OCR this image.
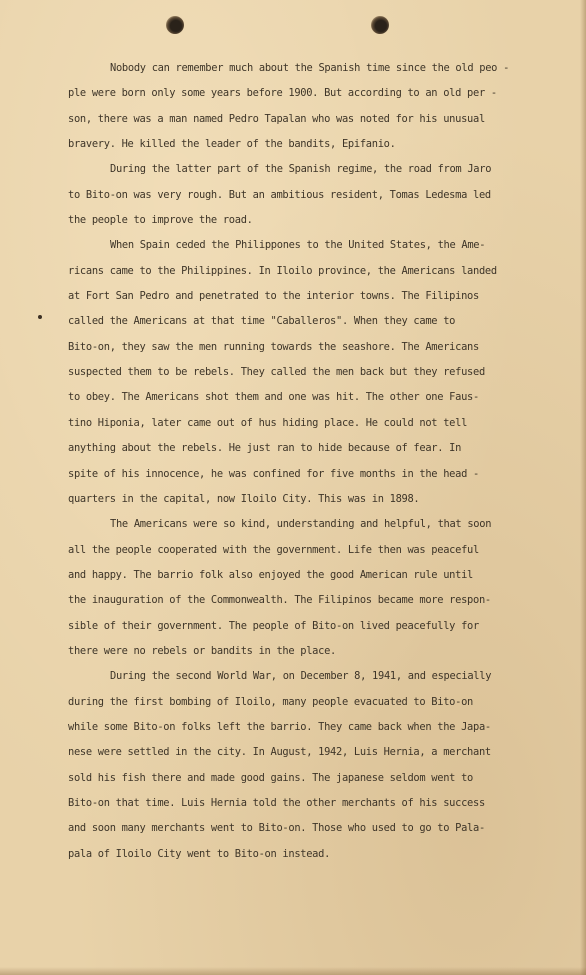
Nobody can remember much about the Spanish time since the old peo -
ple were born only some years before 1900. But according to an old per -
son, there was a man named Pedro Tapalan who was noted for his unusual
bravery. He killed the leader of the bandits, Epifanio.
During the latter part of the Spanish regime, the road from Jaro
to Bito-on was very rough. But an ambitious resident, Tomas Ledesma led
the people to improve the road.
When Spain ceded the Philippones to the United States, the Ame-
ricans came to the Philippines. In Iloilo province, the Americans landed
at Fort San Pedro and penetrated to the interior towns. The Filipinos
called the Americans at that time "Caballeros". When they came to
Bito-on, they saw the men running towards the seashore. The Americans
suspected them to be rebels. They called the men back but they refused
to obey. The Americans shot them and one was hit. The other one Faus-
tino Hiponia, later came out of hus hiding place. He could not tell
anything about the rebels. He just ran to hide because of fear. In
spite of his innocence, he was confined for five months in the head -
quarters in the capital, now Iloilo City. This was in 1898.
The Americans were so kind, understanding and helpful, that soon
all the people cooperated with the government. Life then was peaceful
and happy. The barrio folk also enjoyed the good American rule until
the inauguration of the Commonwealth. The Filipinos became more respon-
sible of their government. The people of Bito-on lived peacefully for
there were no rebels or bandits in the place.
During the second World War, on December 8, 1941, and especially
during the first bombing of Iloilo, many people evacuated to Bito-on
while some Bito-on folks left the barrio. They came back when the Japa-
nese were settled in the city. In August, 1942, Luis Hernia, a merchant
sold his fish there and made good gains. The japanese seldom went to
Bito-on that time. Luis Hernia told the other merchants of his success
and soon many merchants went to Bito-on. Those who used to go to Pala-
pala of Iloilo City went to Bito-on instead.
